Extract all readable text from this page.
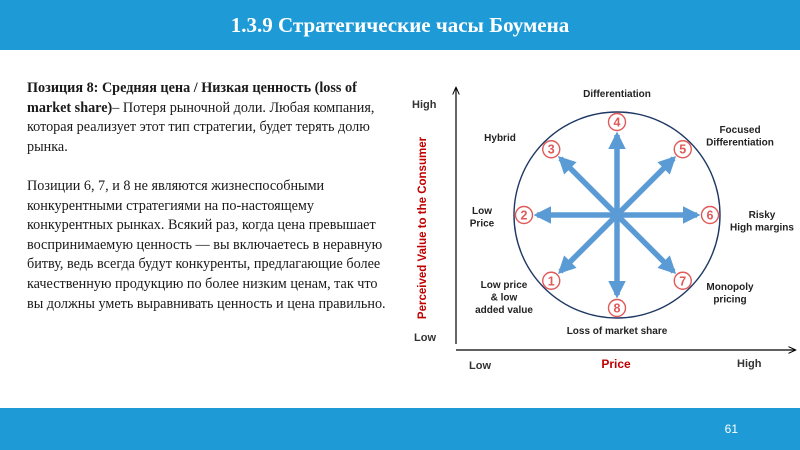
1.3.9 Стратегические часы Боумена

Позиция 8: Средняя цена / Низкая ценность (loss of market share)– Потеря рыночной доли. Любая компания, которая реализует этот тип стратегии, будет терять долю рынка.

Позиции 6, 7, и 8 не являются жизнеспособными конкурентными стратегиями на по-настоящему конкурентных рынках. Всякий раз, когда цена превышает воспринимаемую ценность — вы включаетесь в неравную битву, ведь всегда будут конкуренты, предлагающие более качественную продукцию по более низким ценам, так что вы должны уметь выравнивать ценность и цена правильно.

High
Low
Perceived Value to the Consumer
Low	High
Price
1
2
3
4
5
6
7
8
Low price & low added value
Low Price
Hybrid
Differentiation
Focused Differentiation
Risky High margins
Monopoly pricing
Loss of market share
61
